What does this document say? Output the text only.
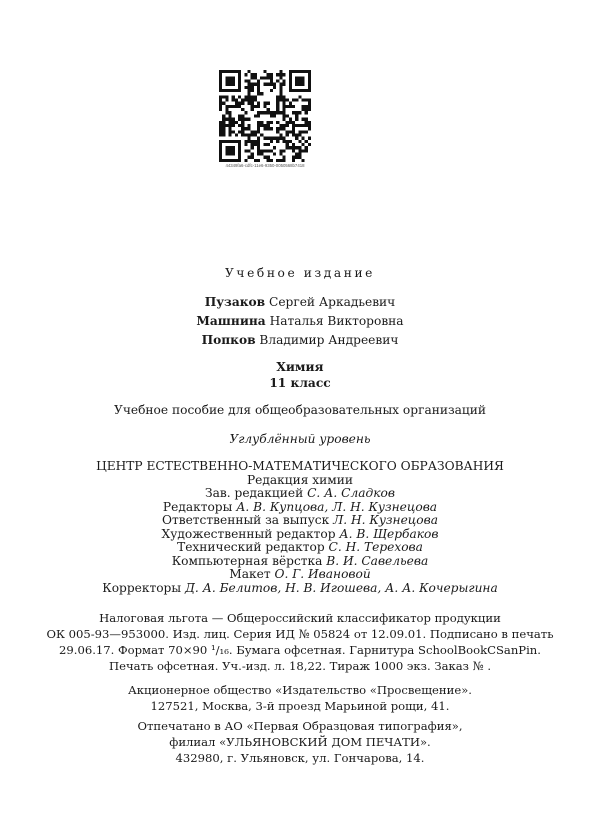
44349fa6-cdfc-11e6-9350-0050568b7418
Учебное издание
Пузаков Сергей Аркадьевич
Машнина Наталья Викторовна
Попков Владимир Андреевич
Химия
11 класс
Учебное пособие для общеобразовательных организаций
Углублённый уровень
ЦЕНТР ЕСТЕСТВЕННО-МАТЕМАТИЧЕСКОГО ОБРАЗОВАНИЯ
Редакция химии
Зав. редакцией С. А. Сладков
Редакторы А. В. Купцова, Л. Н. Кузнецова
Ответственный за выпуск Л. Н. Кузнецова
Художественный редактор А. В. Щербаков
Технический редактор С. Н. Терехова
Компьютерная вёрстка В. И. Савельева
Макет О. Г. Ивановой
Корректоры Д. А. Белитов, Н. В. Игошева, А. А. Кочерыгина
Налоговая льгота — Общероссийский классификатор продукции
ОК 005-93—953000. Изд. лиц. Серия ИД № 05824 от 12.09.01. Подписано в печать
29.06.17. Формат 70×90 ¹/₁₆. Бумага офсетная. Гарнитура SchoolBookCSanPin.
Печать офсетная. Уч.-изд. л. 18,22. Тираж 1000 экз. Заказ № .
Акционерное общество «Издательство «Просвещение».
127521, Москва, 3-й проезд Марьиной рощи, 41.
Отпечатано в АО «Первая Образцовая типография»,
филиал «УЛЬЯНОВСКИЙ ДОМ ПЕЧАТИ».
432980, г. Ульяновск, ул. Гончарова, 14.
